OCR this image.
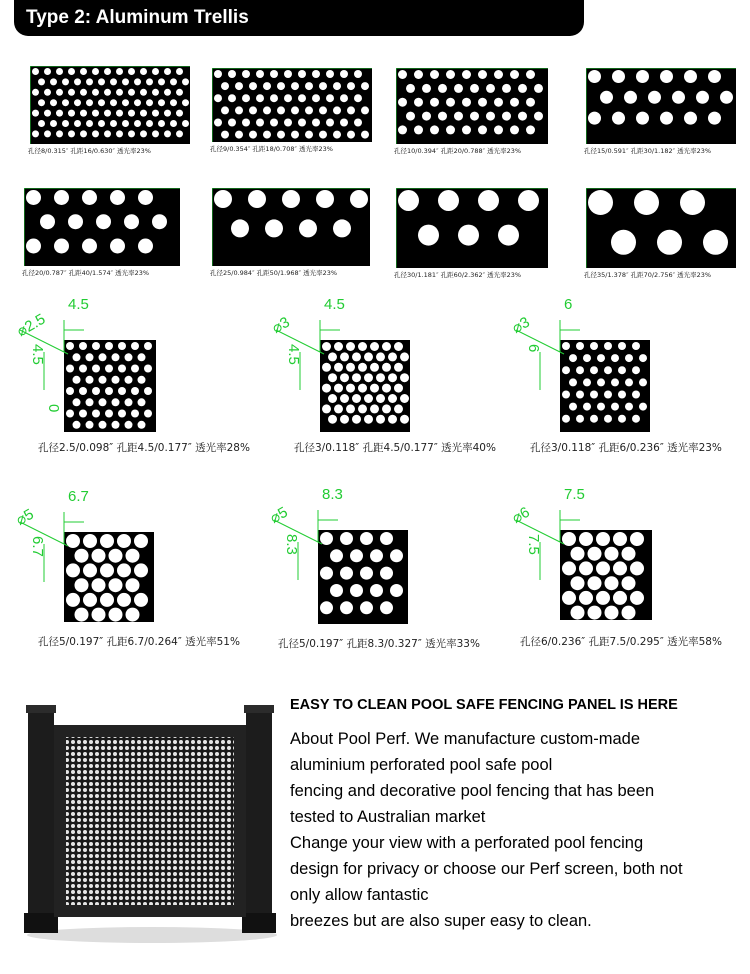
Type 2: Aluminum Trellis
孔径8/0.315″ 孔距16/0.630″ 透光率23%	孔径9/0.354″ 孔距18/0.708″ 透光率23%	孔径10/0.394″ 孔距20/0.788″ 透光率23%	孔径15/0.591″ 孔距30/1.182″ 透光率23%
孔径20/0.787″ 孔距40/1.574″ 透光率23%	孔径25/0.984″ 孔距50/1.968″ 透光率23%	孔径30/1.181″ 孔距60/2.362″ 透光率23%	孔径35/1.378″ 孔距70/2.756″ 透光率23%
4.5
⌀2.5
4.5
孔径2.5/0.098″ 孔距4.5/0.177″ 透光率28%
4.5
⌀3
4.5
孔径3/0.118″ 孔距4.5/0.177″ 透光率40%
6
⌀3
6
孔径3/0.118″ 孔距6/0.236″ 透光率23%
6.7
⌀5
6.7
孔径5/0.197″ 孔距6.7/0.264″ 透光率51%
8.3
⌀5
8.3
孔径5/0.197″ 孔距8.3/0.327″ 透光率33%
7.5
⌀6
7.5
孔径6/0.236″ 孔距7.5/0.295″ 透光率58%
0
EASY TO CLEAN POOL SAFE FENCING PANEL IS HERE

About Pool Perf. We manufacture custom-made

aluminium perforated pool safe pool

fencing and decorative pool fencing that has been

tested to Australian market

Change your view with a perforated pool fencing

design for privacy or choose our Perf screen, both not

only allow fantastic

breezes but are also super easy to clean.
